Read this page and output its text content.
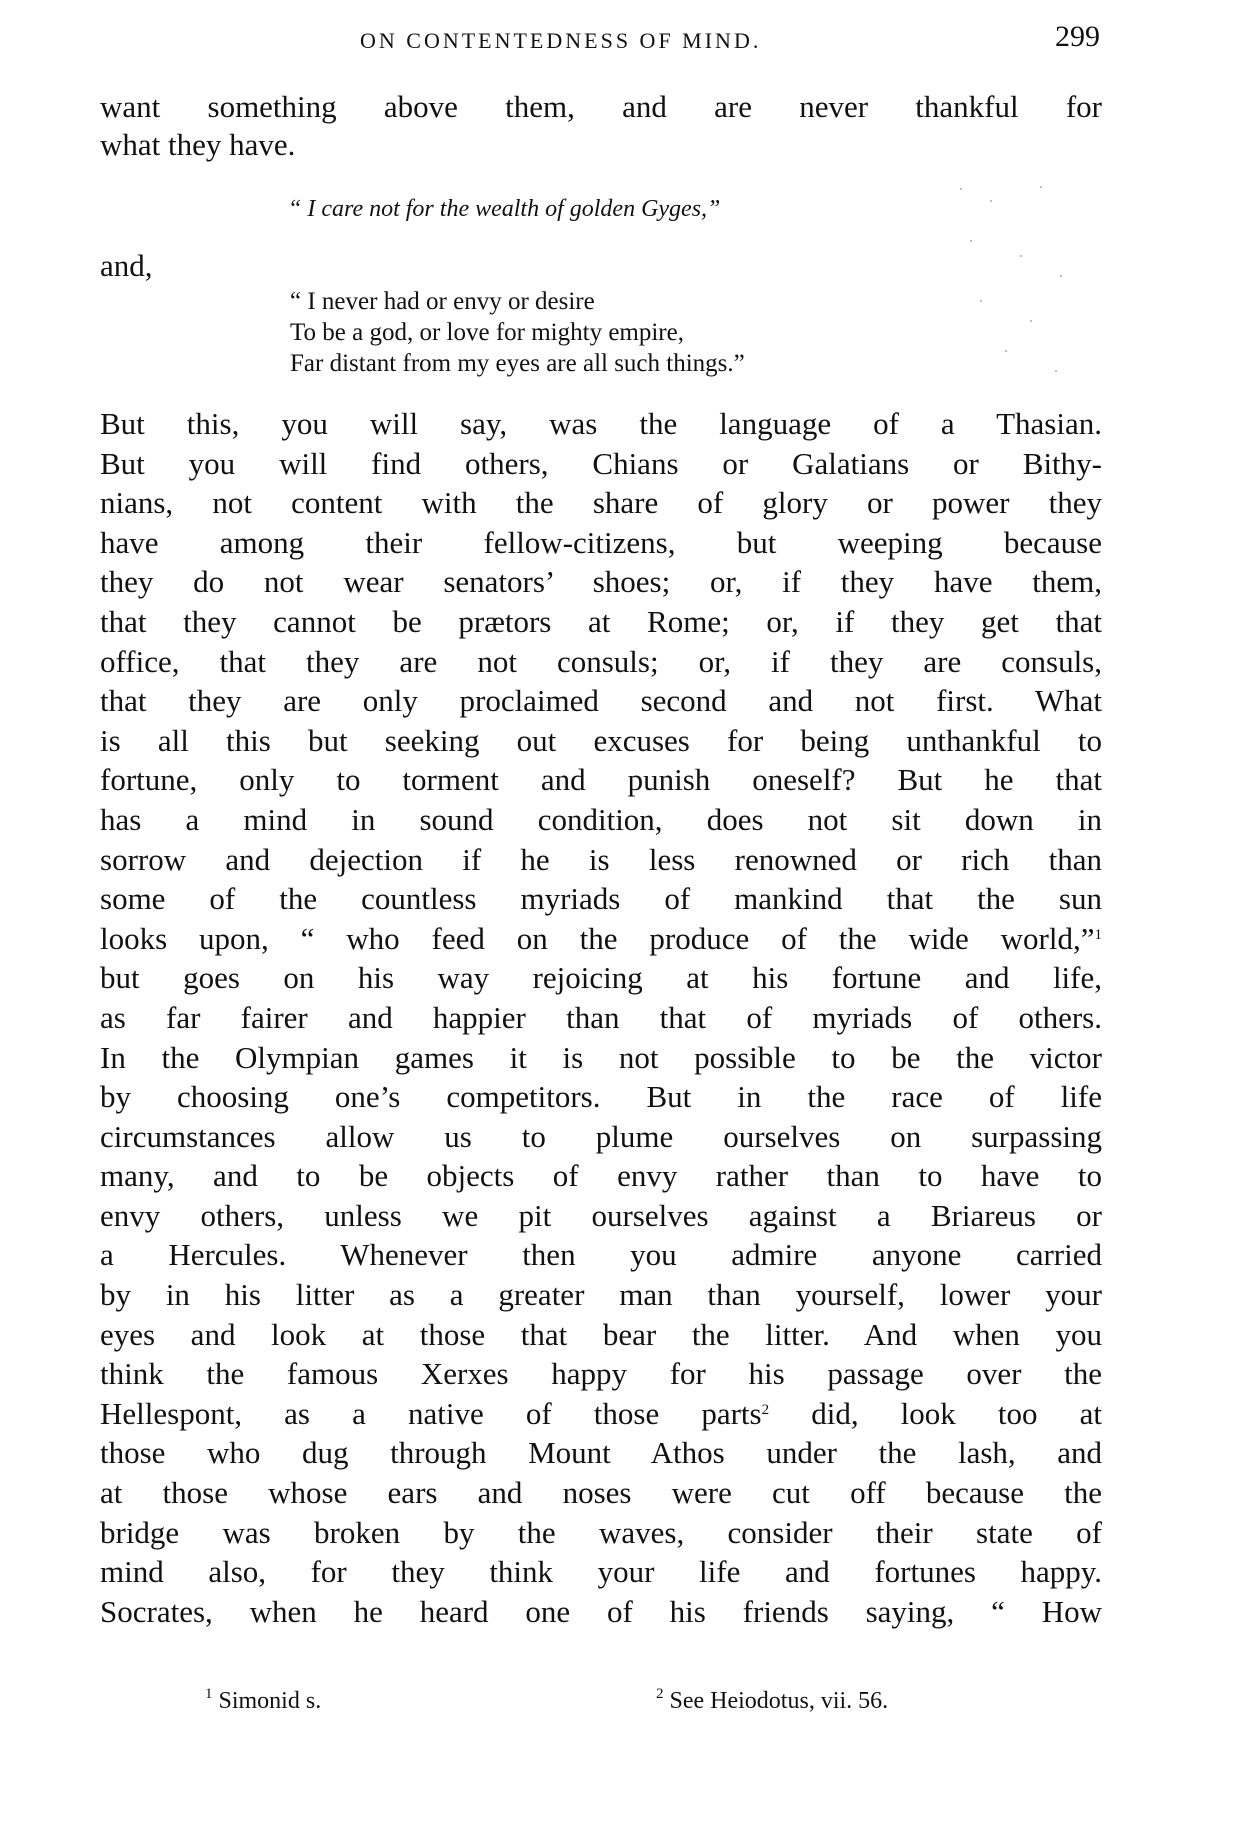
ON CONTENTEDNESS OF MIND.	299
want something above them, and are never thankful for
what they have.
“ I care not for the wealth of golden Gyges,”
and,
“ I never had or envy or desire
To be a god, or love for mighty empire,
Far distant from my eyes are all such things.”
But this, you will say, was the language of a Thasian.
But you will find others, Chians or Galatians or Bithy-
nians, not content with the share of glory or power they
have among their fellow-citizens, but weeping because
they do not wear senators’ shoes; or, if they have them,
that they cannot be prætors at Rome; or, if they get that
office, that they are not consuls; or, if they are consuls,
that they are only proclaimed second and not first. What
is all this but seeking out excuses for being unthankful to
fortune, only to torment and punish oneself? But he that
has a mind in sound condition, does not sit down in
sorrow and dejection if he is less renowned or rich than
some of the countless myriads of mankind that the sun
looks upon, “ who feed on the produce of the wide world,”$^1$
but goes on his way rejoicing at his fortune and life,
as far fairer and happier than that of myriads of others.
In the Olympian games it is not possible to be the victor
by choosing one’s competitors. But in the race of life
circumstances allow us to plume ourselves on surpassing
many, and to be objects of envy rather than to have to
envy others, unless we pit ourselves against a Briareus or
a Hercules. Whenever then you admire anyone carried
by in his litter as a greater man than yourself, lower your
eyes and look at those that bear the litter. And when you
think the famous Xerxes happy for his passage over the
Hellespont, as a native of those parts$^2$ did, look too at
those who dug through Mount Athos under the lash, and
at those whose ears and noses were cut off because the
bridge was broken by the waves, consider their state of
mind also, for they think your life and fortunes happy.
Socrates, when he heard one of his friends saying, “ How
$^1$ Simonid s.	$^2$ See Heiodotus, vii. 56.
